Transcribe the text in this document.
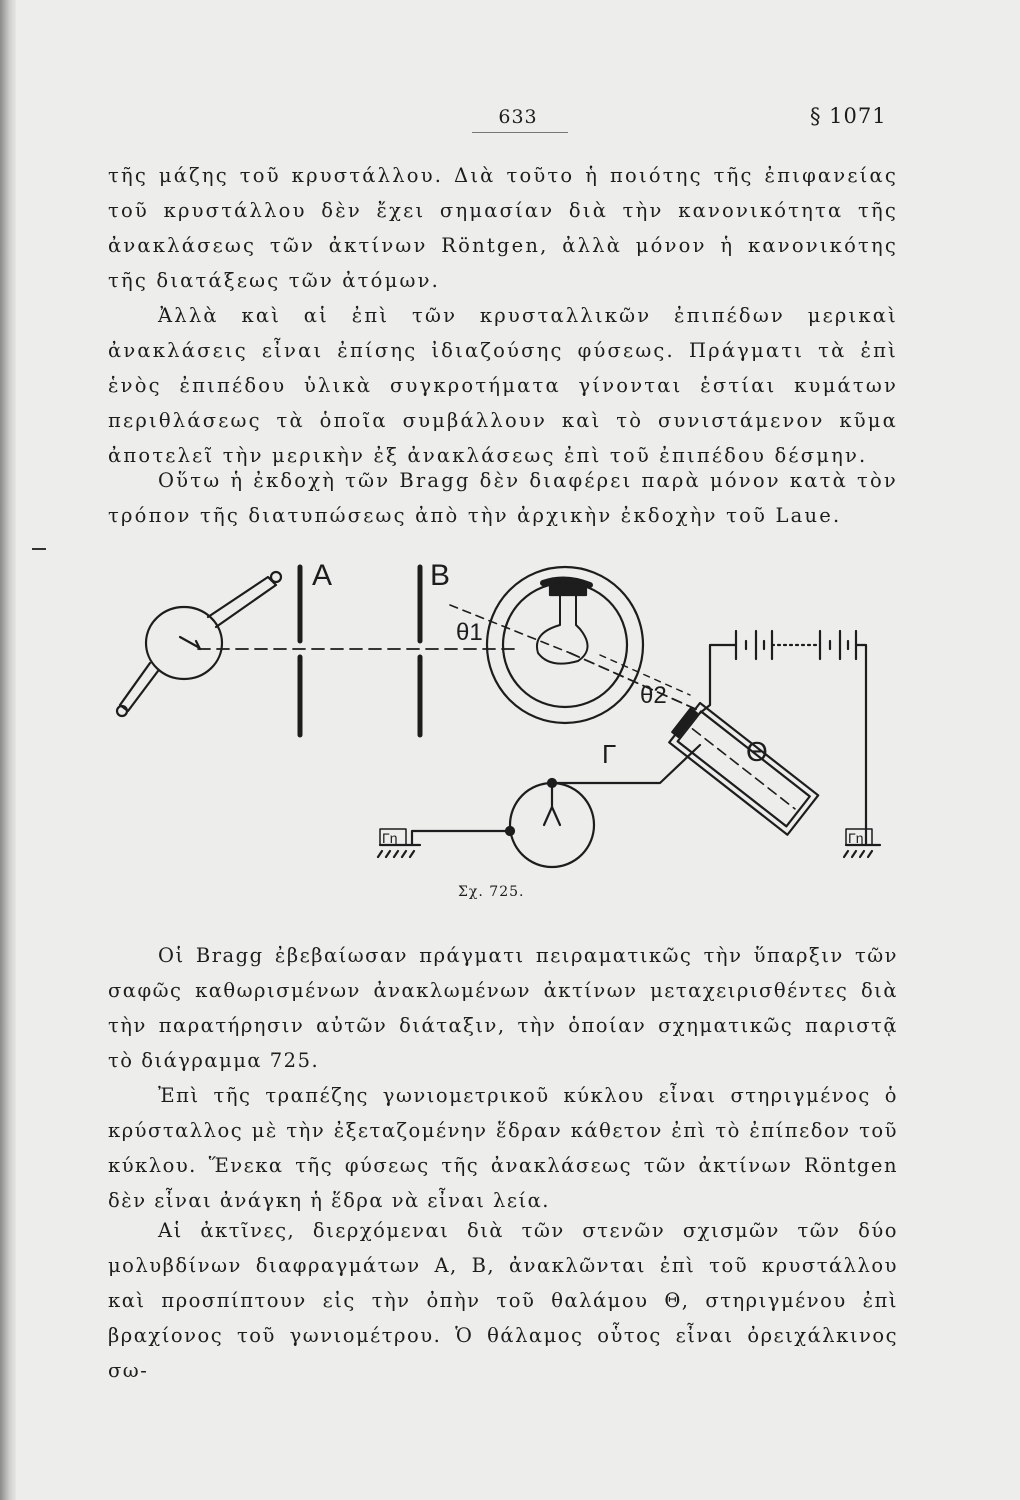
633	§ 1071

τῆς μάζης τοῦ κρυστάλλου. Διὰ τοῦτο ἡ ποιότης τῆς ἐπιφανείας τοῦ κρυστάλλου δὲν ἔχει σημασίαν διὰ τὴν κανονικότητα τῆς ἀνακλάσεως τῶν ἀκτίνων Röntgen, ἀλλὰ μόνον ἡ κανονικότης τῆς διατάξεως τῶν ἀτόμων.

Ἀλλὰ καὶ αἱ ἐπὶ τῶν κρυσταλλικῶν ἐπιπέδων μερικαὶ ἀνακλάσεις εἶναι ἐπίσης ἰδιαζούσης φύσεως. Πράγματι τὰ ἐπὶ ἑνὸς ἐπιπέδου ὑλικὰ συγκροτήματα γίνονται ἑστίαι κυμάτων περιθλάσεως τὰ ὁποῖα συμβάλλουν καὶ τὸ συνιστάμενον κῦμα ἀποτελεῖ τὴν μερικὴν ἐξ ἀνακλάσεως ἐπὶ τοῦ ἐπιπέδου δέσμην.

Οὕτω ἡ ἐκδοχὴ τῶν Bragg δὲν διαφέρει παρὰ μόνον κατὰ τὸν τρόπον τῆς διατυπώσεως ἀπὸ τὴν ἀρχικὴν ἐκδοχὴν τοῦ Laue.

A	B
θ1
θ2
Γ	Θ
Γη	Γη
Σχ. 725.

Οἱ Bragg ἐβεβαίωσαν πράγματι πειραματικῶς τὴν ὕπαρξιν τῶν σαφῶς καθωρισμένων ἀνακλωμένων ἀκτίνων μεταχειρισθέντες διὰ τὴν παρατήρησιν αὐτῶν διάταξιν, τὴν ὁποίαν σχηματικῶς παριστᾷ τὸ διάγραμμα 725.

Ἐπὶ τῆς τραπέζης γωνιομετρικοῦ κύκλου εἶναι στηριγμένος ὁ κρύσταλλος μὲ τὴν ἐξεταζομένην ἕδραν κάθετον ἐπὶ τὸ ἐπίπεδον τοῦ κύκλου. Ἕνεκα τῆς φύσεως τῆς ἀνακλάσεως τῶν ἀκτίνων Röntgen δὲν εἶναι ἀνάγκη ἡ ἕδρα νὰ εἶναι λεία.

Αἱ ἀκτῖνες, διερχόμεναι διὰ τῶν στενῶν σχισμῶν τῶν δύο μολυβδίνων διαφραγμάτων Α, Β, ἀνακλῶνται ἐπὶ τοῦ κρυστάλλου καὶ προσπίπτουν εἰς τὴν ὀπὴν τοῦ θαλάμου Θ, στηριγμένου ἐπὶ βραχίονος τοῦ γωνιομέτρου. Ὁ θάλαμος οὗτος εἶναι ὀρειχάλκινος σω-
